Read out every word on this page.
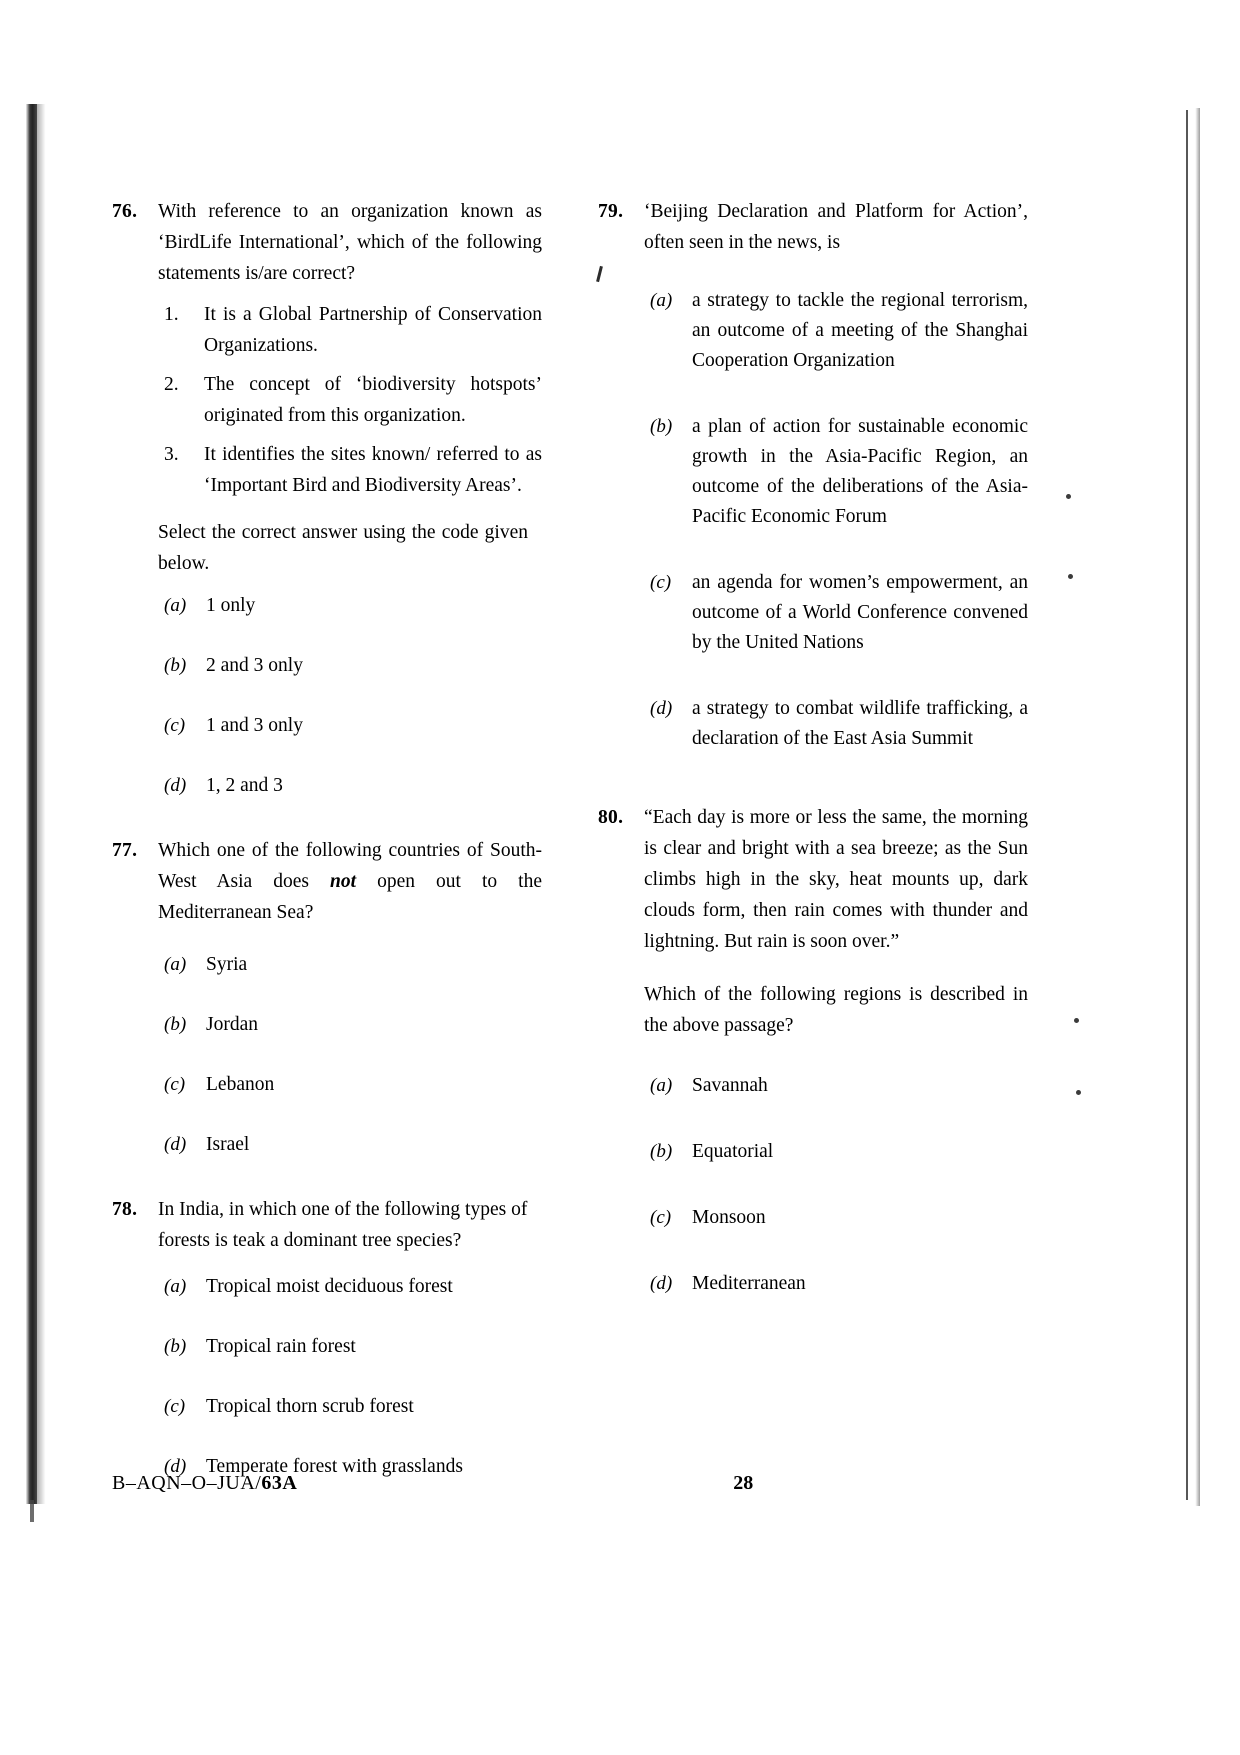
76.	With reference to an organization known as ‘BirdLife International’, which of the following statements is/are correct?
1.	It is a Global Partnership of Conservation Organizations.
2.	The concept of ‘biodiversity hotspots’ originated from this organization.
3.	It identifies the sites known/ referred to as ‘Important Bird and Biodiversity Areas’.
Select the correct answer using the code given below.
(a)	1 only
(b)	2 and 3 only
(c)	1 and 3 only
(d)	1, 2 and 3
77.	Which one of the following countries of South-West Asia does not open out to the Mediterranean Sea?
(a)	Syria
(b)	Jordan
(c)	Lebanon
(d)	Israel
78.	In India, in which one of the following types of forests is teak a dominant tree species?
(a)	Tropical moist deciduous forest
(b)	Tropical rain forest
(c)	Tropical thorn scrub forest
(d)	Temperate forest with grasslands
79.	‘Beijing Declaration and Platform for Action’, often seen in the news, is
(a)	a strategy to tackle the regional terrorism, an outcome of a meeting of the Shanghai Cooperation Organization
(b)	a plan of action for sustainable economic growth in the Asia-Pacific Region, an outcome of the deliberations of the Asia-Pacific Economic Forum
(c)	an agenda for women’s empowerment, an outcome of a World Conference convened by the United Nations
(d)	a strategy to combat wildlife trafficking, a declaration of the East Asia Summit
80.	“Each day is more or less the same, the morning is clear and bright with a sea breeze; as the Sun climbs high in the sky, heat mounts up, dark clouds form, then rain comes with thunder and lightning. But rain is soon over.”
Which of the following regions is described in the above passage?
(a)	Savannah
(b)	Equatorial
(c)	Monsoon
(d)	Mediterranean
B–AQN–O–JUA/63A	28
